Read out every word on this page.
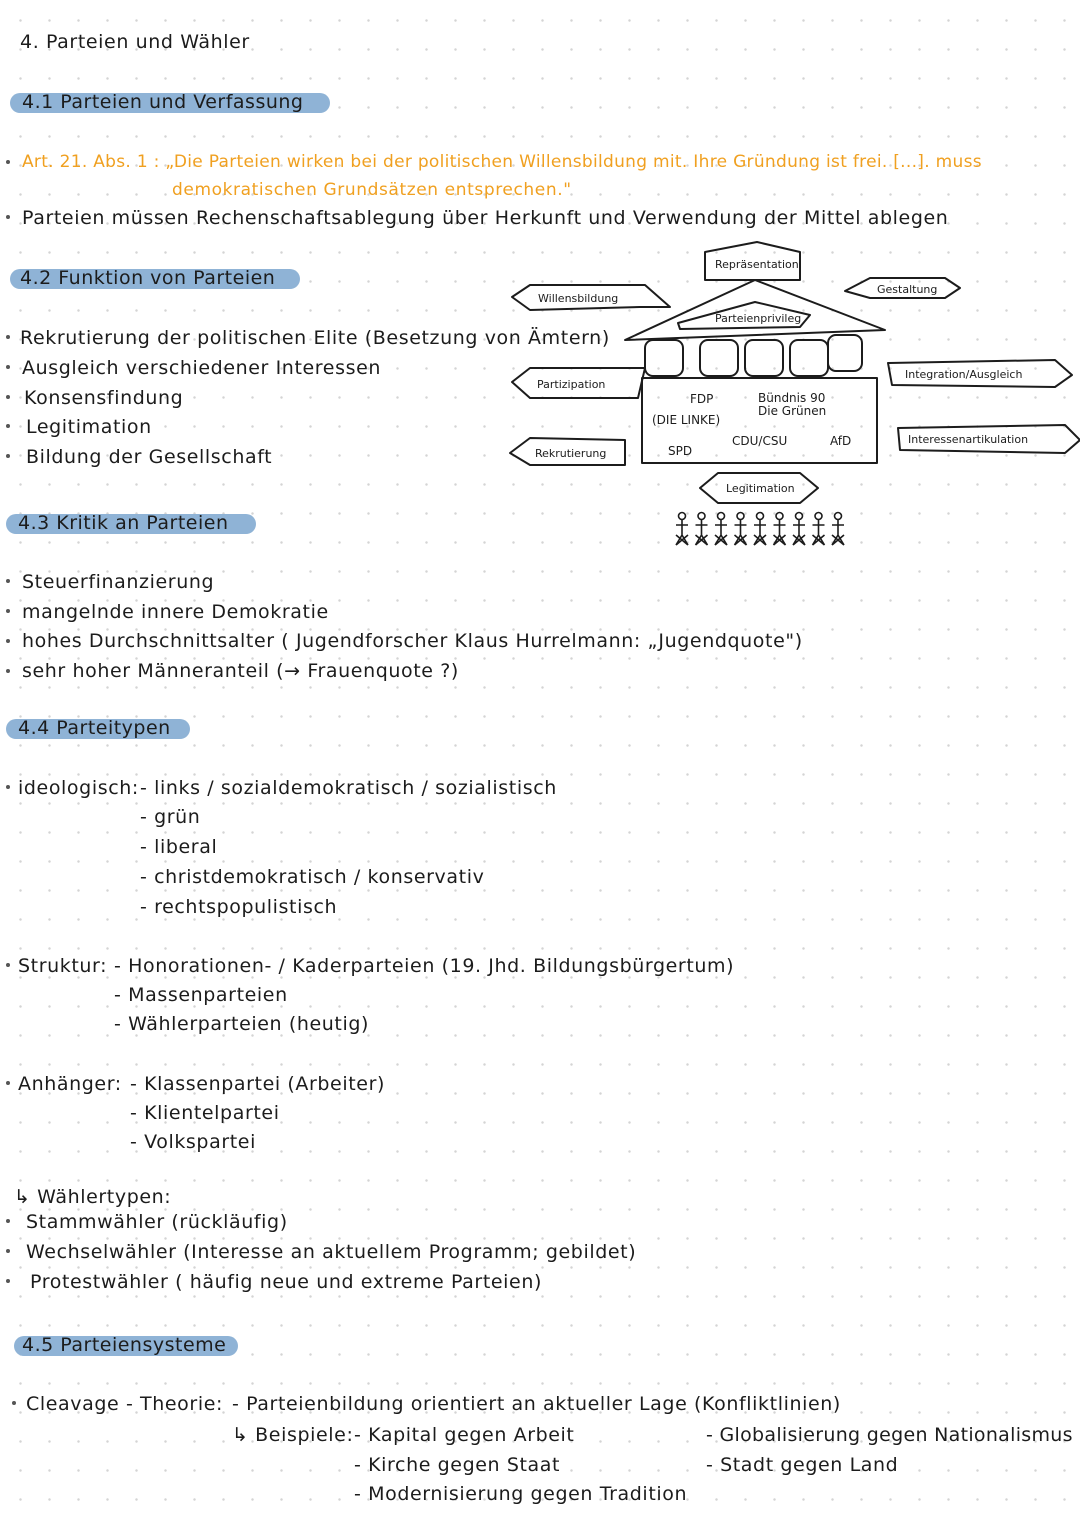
4. Parteien und Wähler
4.1 Parteien und Verfassung
Art. 21. Abs. 1 : „Die Parteien wirken bei der politischen Willensbildung mit. Ihre Gründung ist frei. [...]. muss
demokratischen Grundsätzen entsprechen."
Parteien müssen Rechenschaftsablegung über Herkunft und Verwendung der Mittel ablegen
4.2 Funktion von Parteien
Rekrutierung der politischen Elite (Besetzung von Ämtern)
Ausgleich verschiedener Interessen
Konsensfindung
Legitimation
Bildung der Gesellschaft
4.3 Kritik an Parteien
Steuerfinanzierung
mangelnde innere Demokratie
hohes Durchschnittsalter ( Jugendforscher Klaus Hurrelmann: „Jugendquote")
sehr hoher Männeranteil (→ Frauenquote ?)
4.4 Parteitypen
ideologisch: - links / sozialdemokratisch / sozialistisch
- grün
- liberal
- christdemokratisch / konservativ
- rechtspopulistisch
Struktur: - Honorationen- / Kaderparteien (19. Jhd. Bildungsbürgertum)
- Massenparteien
- Wählerparteien (heutig)
Anhänger: - Klassenpartei (Arbeiter)
- Klientelpartei
- Volkspartei
↳ Wählertypen:
Stammwähler (rückläufig)
Wechselwähler (Interesse an aktuellem Programm; gebildet)
Protestwähler ( häufig neue und extreme Parteien)
4.5 Parteiensysteme
Cleavage - Theorie: - Parteienbildung orientiert an aktueller Lage (Konfliktlinien)
↳ Beispiele: - Kapital gegen Arbeit
- Kirche gegen Staat
- Modernisierung gegen Tradition
- Globalisierung gegen Nationalismus
- Stadt gegen Land
Repräsentation
Parteienprivileg
Willensbildung
Partizipation
Rekrutierung
Gestaltung
Integration/Ausgleich
Interessenartikulation
FDP	Bündnis 90
Die Grünen
(DIE LINKE)
SPD
CDU/CSU	AfD
Legitimation
